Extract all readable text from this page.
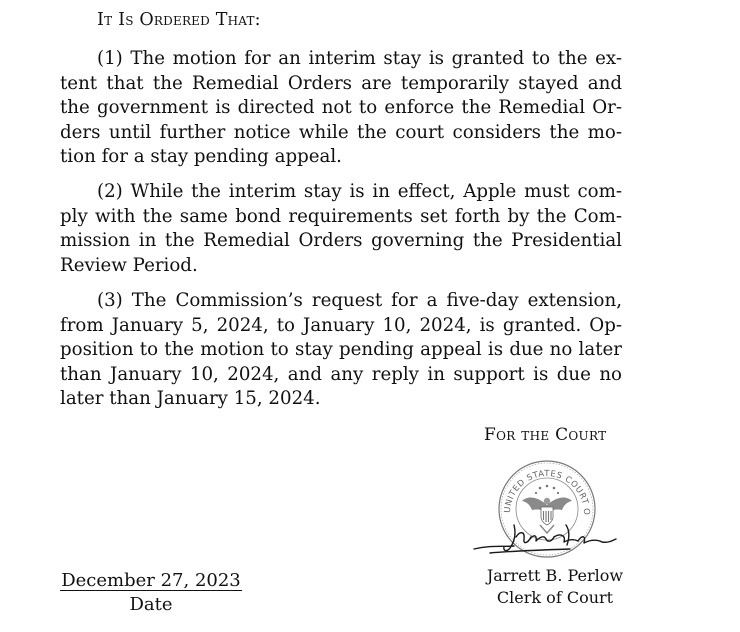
It Is Ordered That:

(1) The motion for an interim stay is granted to the ex-
tent that the Remedial Orders are temporarily stayed and
the government is directed not to enforce the Remedial Or-
ders until further notice while the court considers the mo-
tion for a stay pending appeal.

(2) While the interim stay is in effect, Apple must com-
ply with the same bond requirements set forth by the Com-
mission in the Remedial Orders governing the Presidential
Review Period.

(3) The Commission’s request for a five-day extension,
from January 5, 2024, to January 10, 2024, is granted. Op-
position to the motion to stay pending appeal is due no later
than January 10, 2024, and any reply in support is due no
later than January 15, 2024.

For the Court
UNITED STATES COURT O
Jarrett B. Perlow
Clerk of Court
December 27, 2023
Date
